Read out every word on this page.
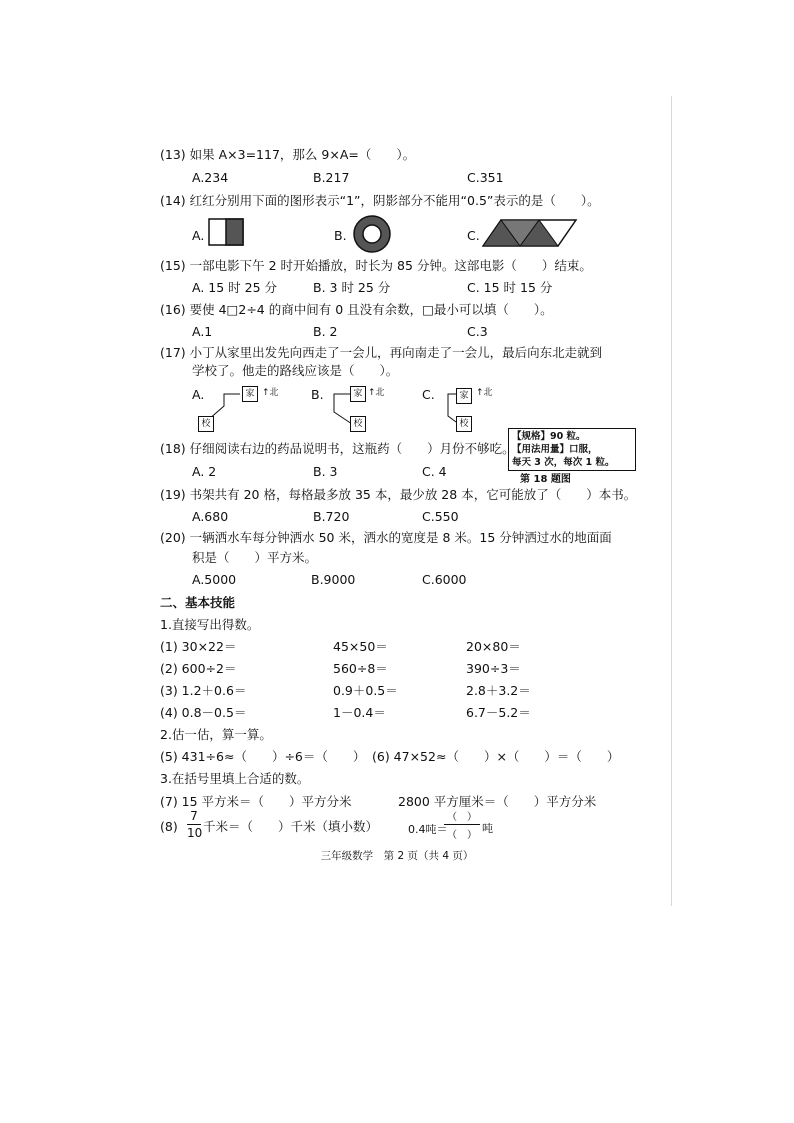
(13) 如果 A×3=117，那么 9×A=（　　）。
A.234	B.217	C.351
(14) 红红分别用下面的图形表示“1”，阴影部分不能用“0.5”表示的是（　　）。
A.	B.	C.
(15) 一部电影下午 2 时开始播放，时长为 85 分钟。这部电影（　　）结束。
A. 15 时 25 分	B. 3 时 25 分	C. 15 时 15 分
(16) 要使 4□2÷4 的商中间有 0 且没有余数，□最小可以填（　　）。
A.1	B. 2	C.3
(17) 小丁从家里出发先向西走了一会儿，再向南走了一会儿，最后向东北走就到
学校了。他走的路线应该是（　　）。
A.	家
校
↑北	B.	家
校
↑北	C.	家
校
↑北
(18) 仔细阅读右边的药品说明书，这瓶药（　　）月份不够吃。
A. 2	B. 3	C. 4
【规格】90 粒。
【用法用量】口服，
每天 3 次，每次 1 粒。
第 18 题图
(19) 书架共有 20 格，每格最多放 35 本，最少放 28 本，它可能放了（　　）本书。
A.680	B.720	C.550
(20) 一辆洒水车每分钟洒水 50 米，洒水的宽度是 8 米。15 分钟洒过水的地面面
积是（　　）平方米。
A.5000	B.9000	C.6000
二、基本技能
1.直接写出得数。
(1) 30×22＝	45×50＝	20×80＝
(2) 600÷2＝	560÷8＝	390÷3＝
(3) 1.2＋0.6＝	0.9＋0.5＝	2.8＋3.2＝
(4) 0.8－0.5＝	1－0.4＝	6.7－5.2＝
2.估一估，算一算。
(5) 431÷6≈（　　）÷6＝（　　） (6) 47×52≈（　　）×（　　）＝（　　）
3.在括号里填上合适的数。
(7) 15 平方米＝（　　）平方分米	2800 平方厘米＝（　　）平方分米
(8)
7
10 千米＝（　　）千米（填小数）	0.4吨＝
（　）
（　）
吨
三年级数学　第 2 页（共 4 页）
